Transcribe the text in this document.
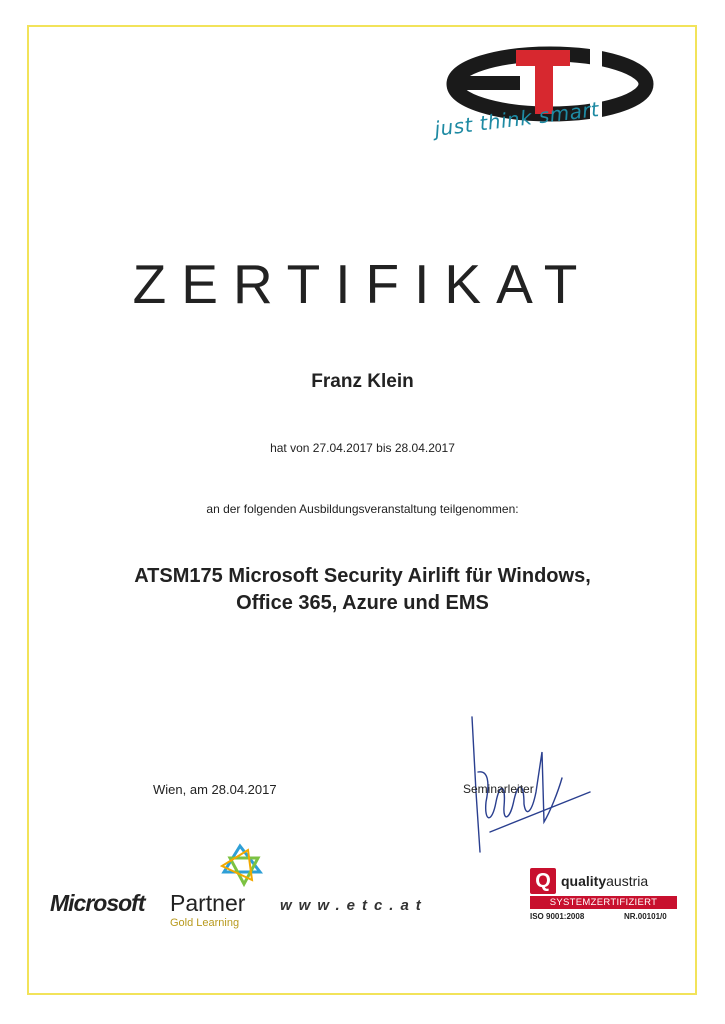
just think smart
ZERTIFIKAT
Franz Klein
hat von 27.04.2017 bis 28.04.2017
an der folgenden Ausbildungsveranstaltung teilgenommen:
ATSM175 Microsoft Security Airlift für Windows,
Office 365, Azure und EMS
Wien, am 28.04.2017	Seminarleiter
Microsoft Partner
Gold Learning
www.etc.at
Q qualityaustria
SYSTEMZERTIFIZIERT
ISO 9001:2008	NR.00101/0
